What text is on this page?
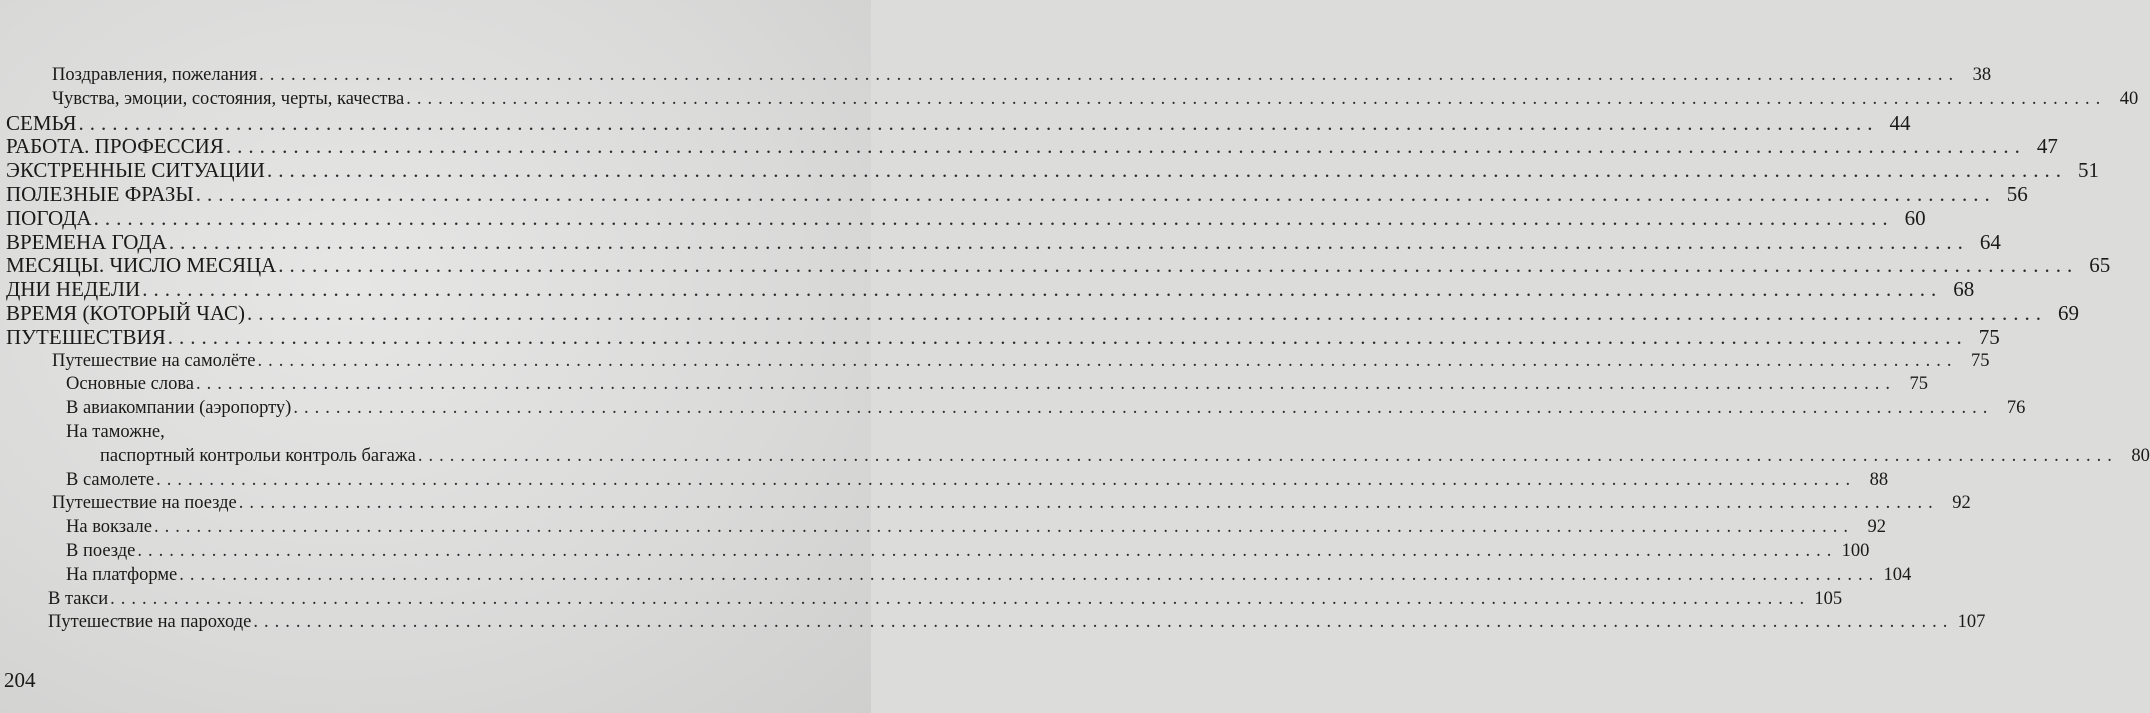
Поздравления, пожелания ................................................................................................................................................................ 38
Чувства, эмоции, состояния, черты, качества ................................................................................................................................................................ 40
СЕМЬЯ ................................................................................................................................................................ 44
РАБОТА. ПРОФЕССИЯ ................................................................................................................................................................ 47
ЭКСТРЕННЫЕ СИТУАЦИИ ................................................................................................................................................................ 51
ПОЛЕЗНЫЕ ФРАЗЫ ................................................................................................................................................................ 56
ПОГОДА ................................................................................................................................................................ 60
ВРЕМЕНА ГОДА ................................................................................................................................................................ 64
МЕСЯЦЫ. ЧИСЛО МЕСЯЦА ................................................................................................................................................................ 65
ДНИ НЕДЕЛИ ................................................................................................................................................................ 68
ВРЕМЯ (КОТОРЫЙ ЧАС) ................................................................................................................................................................ 69
ПУТЕШЕСТВИЯ ................................................................................................................................................................ 75
Путешествие на самолёте ................................................................................................................................................................ 75
Основные слова ................................................................................................................................................................ 75
В авиакомпании (аэропорту) ................................................................................................................................................................ 76
На таможне,
паспортный контрольи контроль багажа ................................................................................................................................................................ 80
В самолете ................................................................................................................................................................ 88
Путешествие на поезде ................................................................................................................................................................ 92
На вокзале ................................................................................................................................................................ 92
В поезде ................................................................................................................................................................ 100
На платформе ................................................................................................................................................................ 104
В такси ................................................................................................................................................................ 105
Путешествие на пароходе ................................................................................................................................................................ 107
204
